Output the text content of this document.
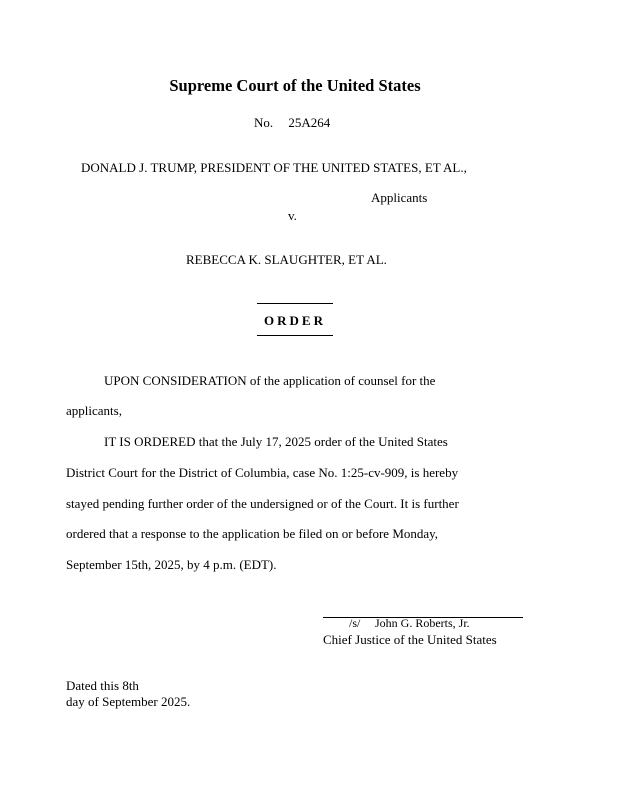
Supreme Court of the United States
No. 25A264
DONALD J. TRUMP, PRESIDENT OF THE UNITED STATES, ET AL.,
Applicants
v.
REBECCA K. SLAUGHTER, ET AL.
ORDER
UPON CONSIDERATION of the application of counsel for the
applicants,
IT IS ORDERED that the July 17, 2025 order of the United States
District Court for the District of Columbia, case No. 1:25-cv-909, is hereby
stayed pending further order of the undersigned or of the Court. It is further
ordered that a response to the application be filed on or before Monday,
September 15th, 2025, by 4 p.m. (EDT).
/s/ John G. Roberts, Jr.
Chief Justice of the United States
Dated this 8th
day of September 2025.
